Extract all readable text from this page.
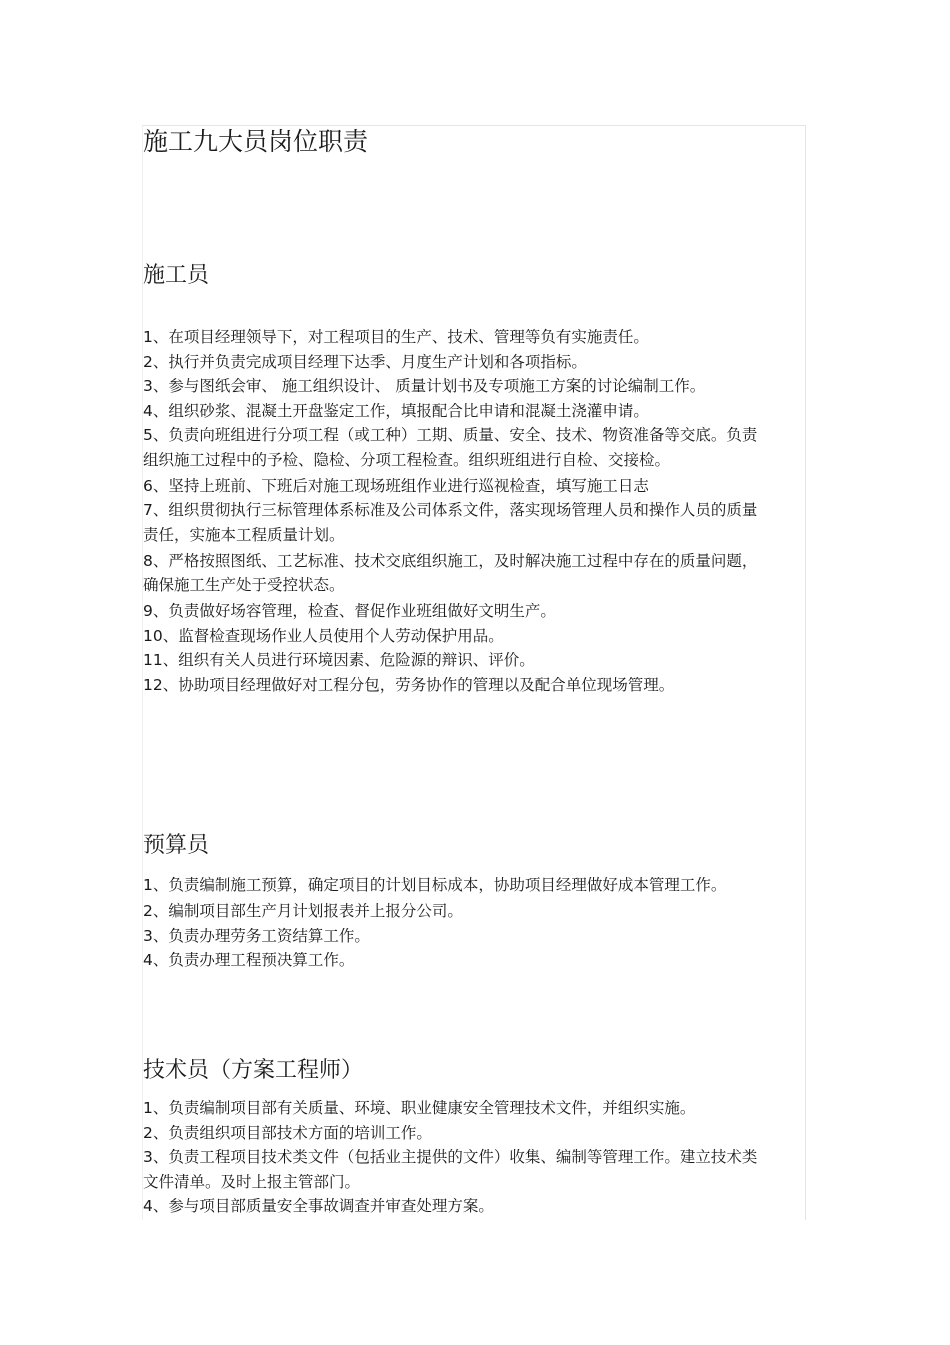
施工九大员岗位职责
施工员
1、在项目经理领导下，对工程项目的生产、技术、管理等负有实施责任。
2、执行并负责完成项目经理下达季、月度生产计划和各项指标。
3、参与图纸会审、 施工组织设计、 质量计划书及专项施工方案的讨论编制工作。
4、组织砂浆、混凝土开盘鉴定工作，填报配合比申请和混凝土浇灌申请。
5、负责向班组进行分项工程（或工种）工期、质量、安全、技术、物资准备等交底。负责组织施工过程中的予检、隐检、分项工程检查。组织班组进行自检、交接检。
6、坚持上班前、下班后对施工现场班组作业进行巡视检查，填写施工日志
7、组织贯彻执行三标管理体系标准及公司体系文件，落实现场管理人员和操作人员的质量责任，实施本工程质量计划。
8、严格按照图纸、工艺标准、技术交底组织施工，及时解决施工过程中存在的质量问题，确保施工生产处于受控状态。
9、负责做好场容管理，检查、督促作业班组做好文明生产。
10、监督检查现场作业人员使用个人劳动保护用品。
11、组织有关人员进行环境因素、危险源的辩识、评价。
12、协助项目经理做好对工程分包，劳务协作的管理以及配合单位现场管理。
预算员
1、负责编制施工预算，确定项目的计划目标成本，协助项目经理做好成本管理工作。
2、编制项目部生产月计划报表并上报分公司。
3、负责办理劳务工资结算工作。
4、负责办理工程预决算工作。
技术员（方案工程师）
1、负责编制项目部有关质量、环境、职业健康安全管理技术文件，并组织实施。
2、负责组织项目部技术方面的培训工作。
3、负责工程项目技术类文件（包括业主提供的文件）收集、编制等管理工作。建立技术类文件清单。及时上报主管部门。
4、参与项目部质量安全事故调查并审查处理方案。
